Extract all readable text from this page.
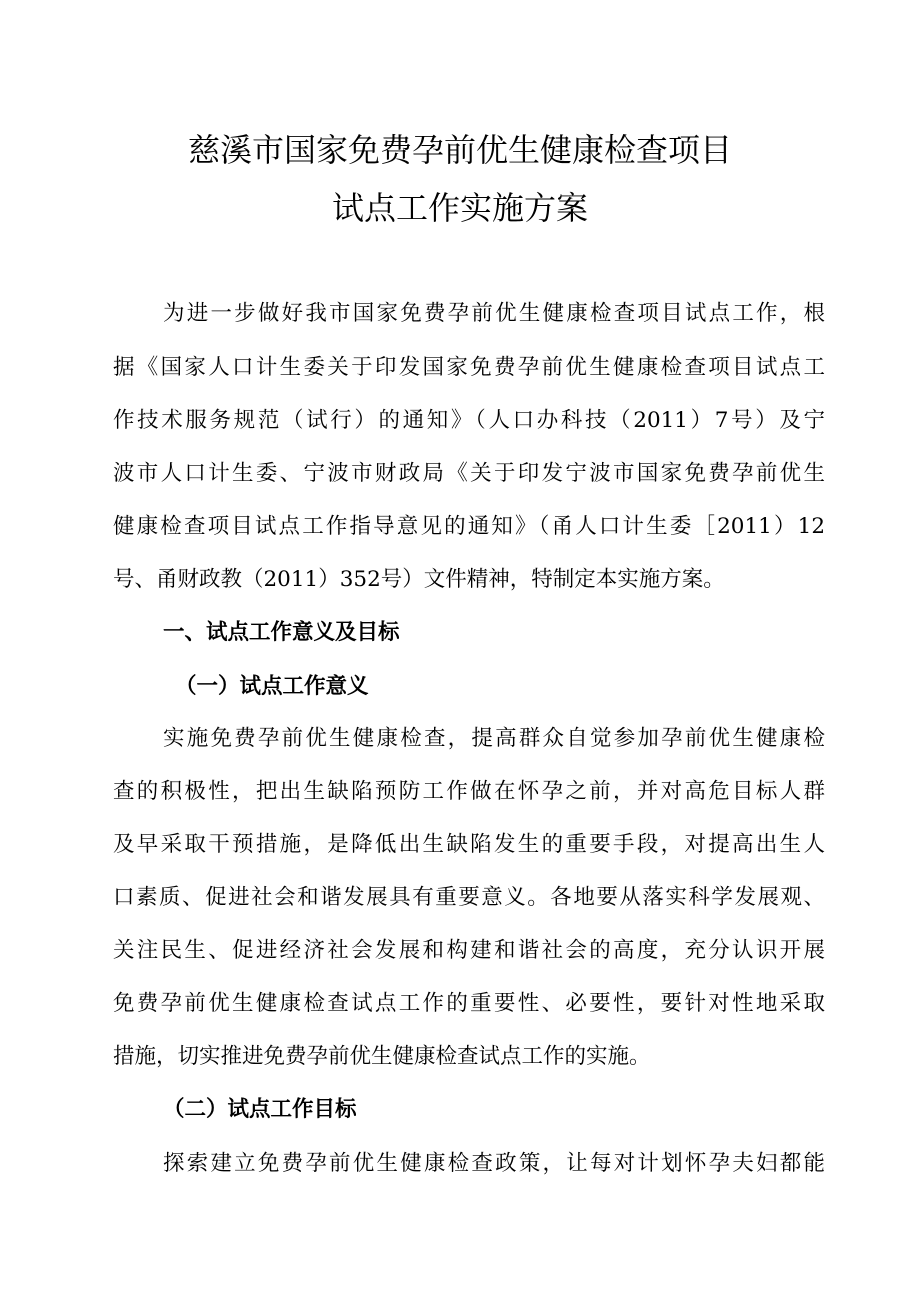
慈溪市国家免费孕前优生健康检查项目
试点工作实施方案
为进一步做好我市国家免费孕前优生健康检查项目试点工作，根
据《国家人口计生委关于印发国家免费孕前优生健康检查项目试点工
作技术服务规范（试行）的通知》（人口办科技（2011）7号）及宁
波市人口计生委、宁波市财政局《关于印发宁波市国家免费孕前优生
健康检查项目试点工作指导意见的通知》（甬人口计生委［2011）12
号、甬财政教（2011）352号）文件精神，特制定本实施方案。
一、试点工作意义及目标
（一）试点工作意义
实施免费孕前优生健康检查，提高群众自觉参加孕前优生健康检
查的积极性，把出生缺陷预防工作做在怀孕之前，并对高危目标人群
及早采取干预措施，是降低出生缺陷发生的重要手段，对提高出生人
口素质、促进社会和谐发展具有重要意义。各地要从落实科学发展观、
关注民生、促进经济社会发展和构建和谐社会的高度，充分认识开展
免费孕前优生健康检查试点工作的重要性、必要性，要针对性地采取
措施，切实推进免费孕前优生健康检查试点工作的实施。
（二）试点工作目标
探索建立免费孕前优生健康检查政策，让每对计划怀孕夫妇都能
